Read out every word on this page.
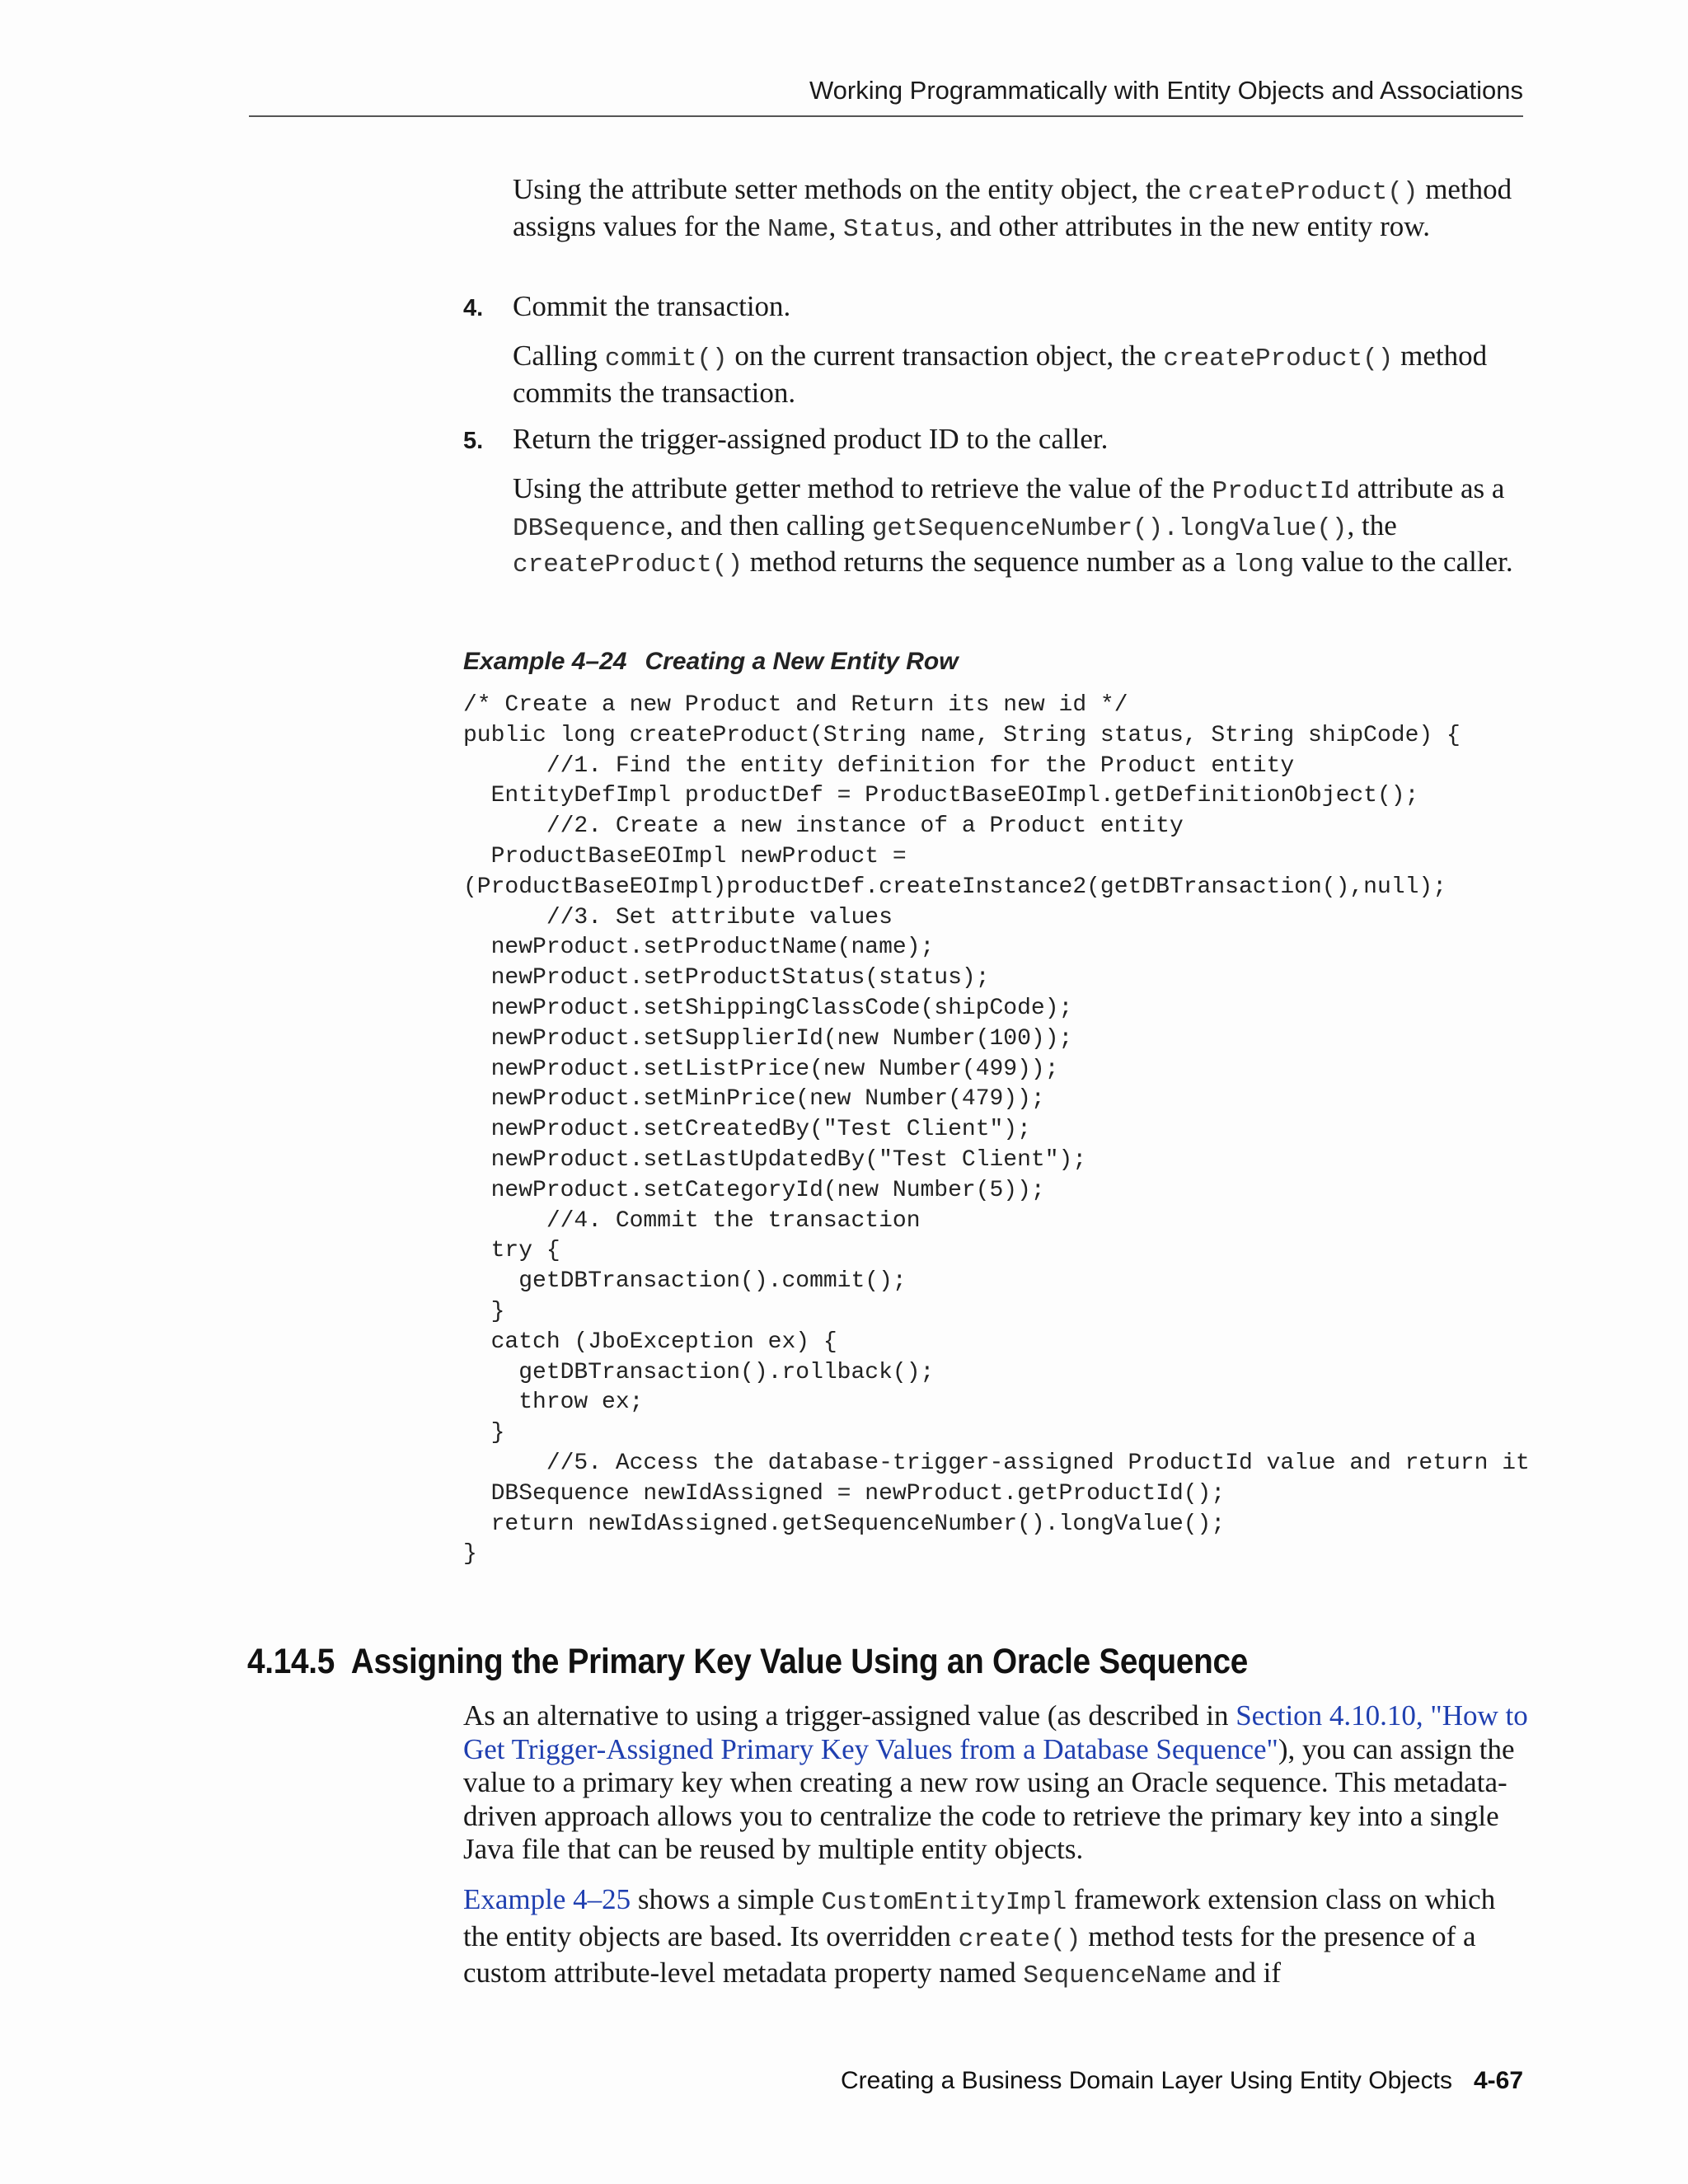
Working Programmatically with Entity Objects and Associations

Using the attribute setter methods on the entity object, the createProduct() method assigns values for the Name, Status, and other attributes in the new entity row.

4. Commit the transaction.

Calling commit() on the current transaction object, the createProduct() method commits the transaction.

5. Return the trigger-assigned product ID to the caller.

Using the attribute getter method to retrieve the value of the ProductId attribute as a DBSequence, and then calling getSequenceNumber().longValue(), the createProduct() method returns the sequence number as a long value to the caller.

Example 4–24 Creating a New Entity Row
/* Create a new Product and Return its new id */
public long createProduct(String name, String status, String shipCode) {
//1. Find the entity definition for the Product entity
EntityDefImpl productDef = ProductBaseEOImpl.getDefinitionObject();
//2. Create a new instance of a Product entity
ProductBaseEOImpl newProduct =
(ProductBaseEOImpl)productDef.createInstance2(getDBTransaction(),null);
//3. Set attribute values
newProduct.setProductName(name);
newProduct.setProductStatus(status);
newProduct.setShippingClassCode(shipCode);
newProduct.setSupplierId(new Number(100));
newProduct.setListPrice(new Number(499));
newProduct.setMinPrice(new Number(479));
newProduct.setCreatedBy("Test Client");
newProduct.setLastUpdatedBy("Test Client");
newProduct.setCategoryId(new Number(5));
//4. Commit the transaction
try {
getDBTransaction().commit();
}
catch (JboException ex) {
getDBTransaction().rollback();
throw ex;
}
//5. Access the database-trigger-assigned ProductId value and return it
DBSequence newIdAssigned = newProduct.getProductId();
return newIdAssigned.getSequenceNumber().longValue();
}
4.14.5 Assigning the Primary Key Value Using an Oracle Sequence

As an alternative to using a trigger-assigned value (as described in Section 4.10.10, "How to Get Trigger-Assigned Primary Key Values from a Database Sequence"), you can assign the value to a primary key when creating a new row using an Oracle sequence. This metadata-driven approach allows you to centralize the code to retrieve the primary key into a single Java file that can be reused by multiple entity objects.

Example 4–25 shows a simple CustomEntityImpl framework extension class on which the entity objects are based. Its overridden create() method tests for the presence of a custom attribute-level metadata property named SequenceName and if

Creating a Business Domain Layer Using Entity Objects 4-67
